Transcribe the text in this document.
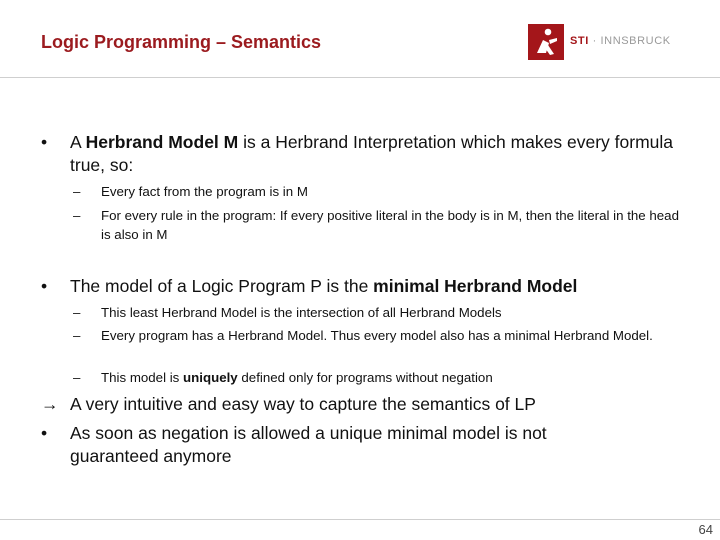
Logic Programming – Semantics	STI · INNSBRUCK
• A Herbrand Model M is a Herbrand Interpretation which makes every formula true, so:
– Every fact from the program is in M
– For every rule in the program: If every positive literal in the body is in M, then the literal in the head is also in M
• The model of a Logic Program P is the minimal Herbrand Model
– This least Herbrand Model is the intersection of all Herbrand Models
– Every program has a Herbrand Model. Thus every model also has a minimal Herbrand Model.
– This model is uniquely defined only for programs without negation
→ A very intuitive and easy way to capture the semantics of LP
• As soon as negation is allowed a unique minimal model is not guaranteed anymore
64
